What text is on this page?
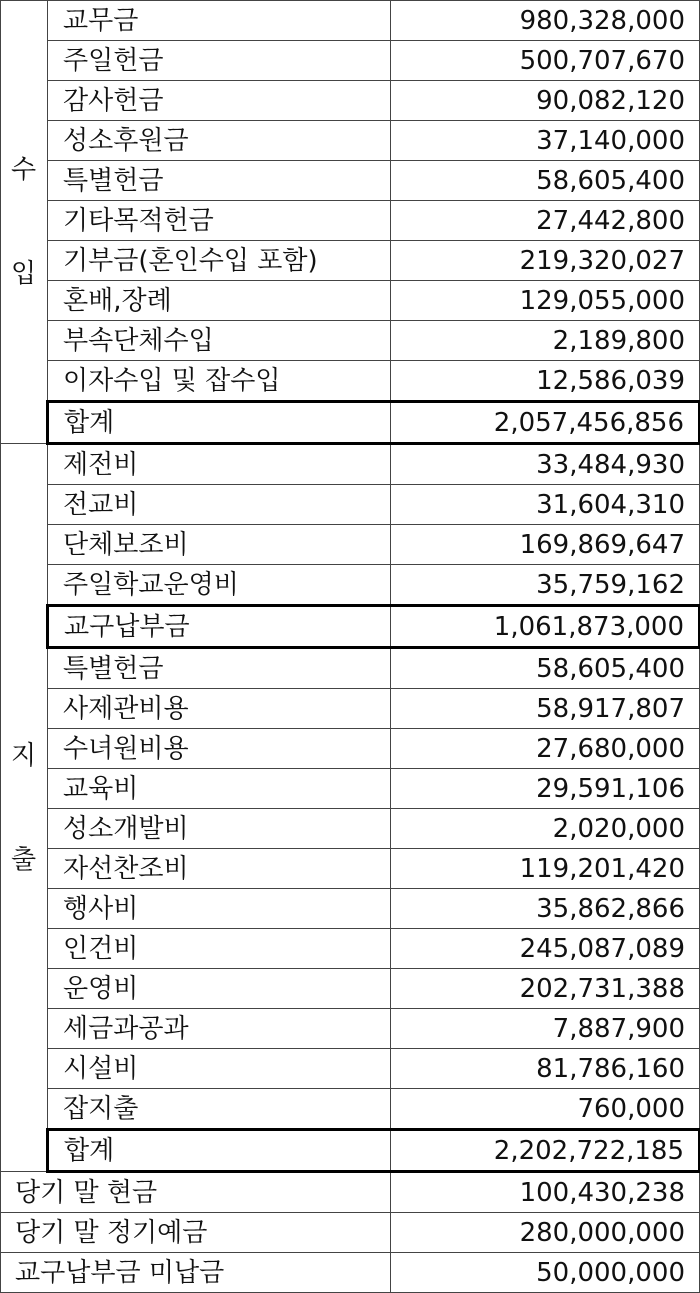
수
입	교무금	980,328,000
	주일헌금	500,707,670
	감사헌금	90,082,120
	성소후원금	37,140,000
	특별헌금	58,605,400
	기타목적헌금	27,442,800
	기부금(혼인수입 포함)	219,320,027
	혼배,장례	129,055,000
	부속단체수입	2,189,800
	이자수입 및 잡수입	12,586,039
	합계	2,057,456,856

지
출	제전비	33,484,930
	전교비	31,604,310
	단체보조비	169,869,647
	주일학교운영비	35,759,162
	교구납부금	1,061,873,000
	특별헌금	58,605,400
	사제관비용	58,917,807
	수녀원비용	27,680,000
	교육비	29,591,106
	성소개발비	2,020,000
	자선찬조비	119,201,420
	행사비	35,862,866
	인건비	245,087,089
	운영비	202,731,388
	세금과공과	7,887,900
	시설비	81,786,160
	잡지출	760,000
	합계	2,202,722,185
당기 말 현금		100,430,238
당기 말 정기예금		280,000,000
교구납부금 미납금		50,000,000
